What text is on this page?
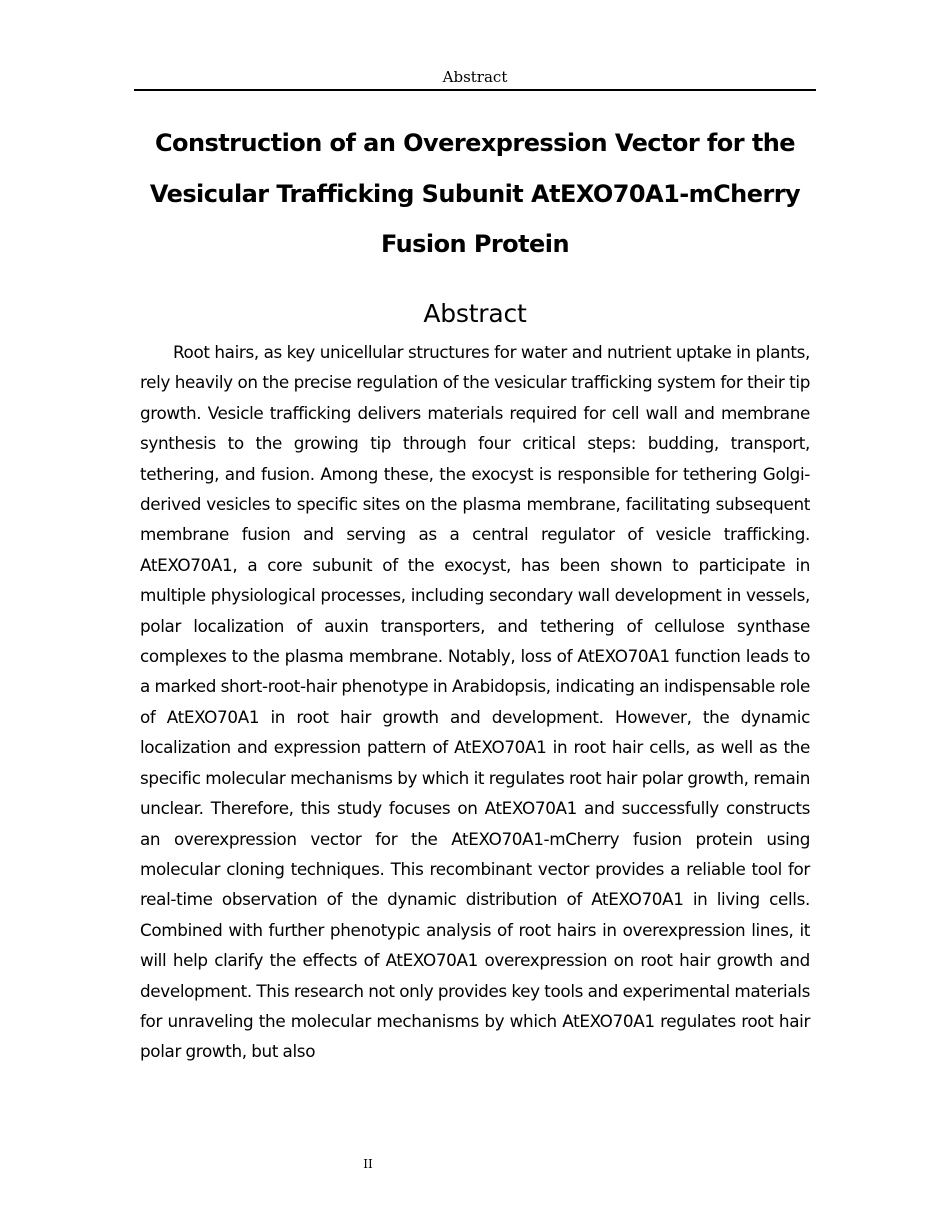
Abstract
Construction of an Overexpression Vector for the
Vesicular Trafficking Subunit AtEXO70A1-mCherry
Fusion Protein
Abstract

Root hairs, as key unicellular structures for water and nutrient uptake in plants, rely heavily on the precise regulation of the vesicular trafficking system for their tip growth. Vesicle trafficking delivers materials required for cell wall and membrane synthesis to the growing tip through four critical steps: budding, transport, tethering, and fusion. Among these, the exocyst is responsible for tethering Golgi-derived vesicles to specific sites on the plasma membrane, facilitating subsequent membrane fusion and serving as a central regulator of vesicle trafficking. AtEXO70A1, a core subunit of the exocyst, has been shown to participate in multiple physiological processes, including secondary wall development in vessels, polar localization of auxin transporters, and tethering of cellulose synthase complexes to the plasma membrane. Notably, loss of AtEXO70A1 function leads to a marked short-root-hair phenotype in Arabidopsis, indicating an indispensable role of AtEXO70A1 in root hair growth and development. However, the dynamic localization and expression pattern of AtEXO70A1 in root hair cells, as well as the specific molecular mechanisms by which it regulates root hair polar growth, remain unclear. Therefore, this study focuses on AtEXO70A1 and successfully constructs an overexpression vector for the AtEXO70A1-mCherry fusion protein using molecular cloning techniques. This recombinant vector provides a reliable tool for real-time observation of the dynamic distribution of AtEXO70A1 in living cells. Combined with further phenotypic analysis of root hairs in overexpression lines, it will help clarify the effects of AtEXO70A1 overexpression on root hair growth and development. This research not only provides key tools and experimental materials for unraveling the molecular mechanisms by which AtEXO70A1 regulates root hair polar growth, but also

II
